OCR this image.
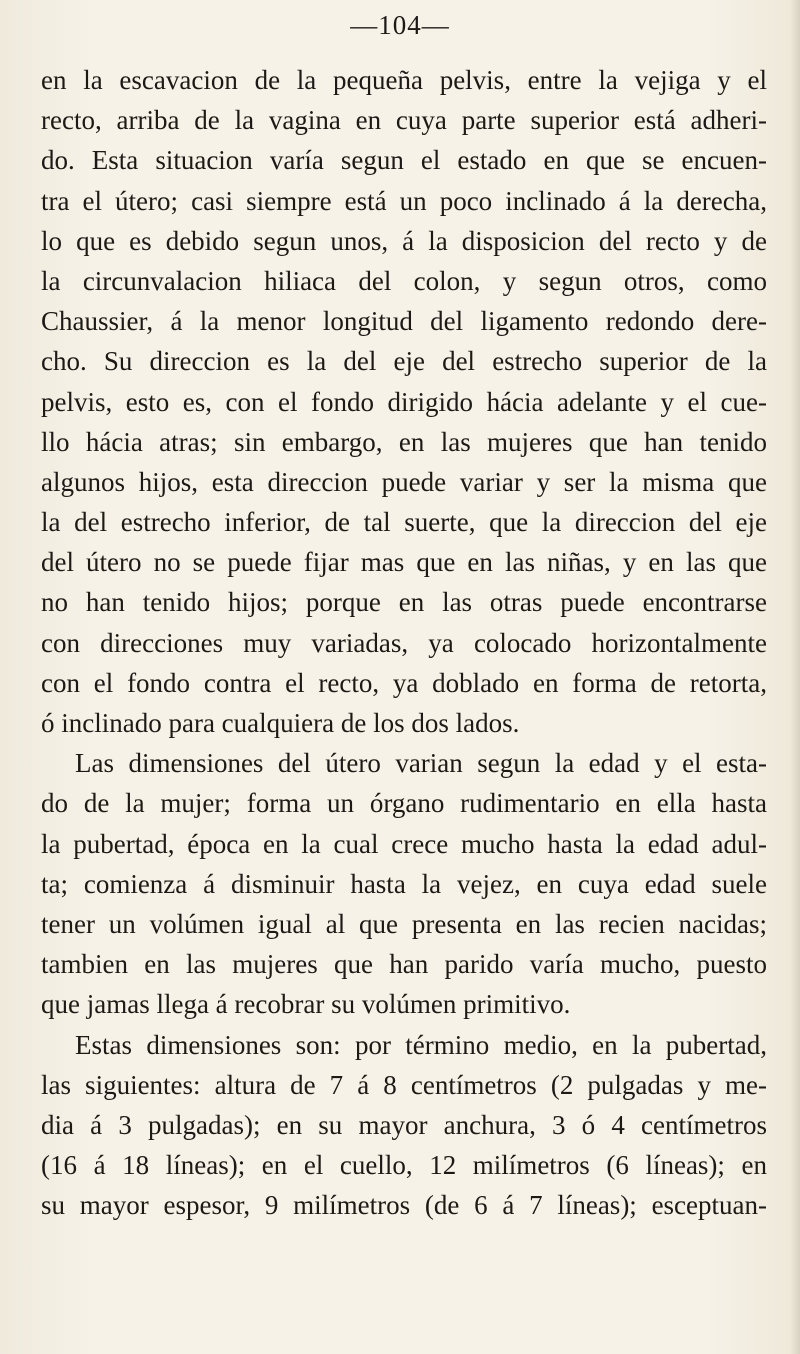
—104—
en la escavacion de la pequeña pelvis, entre la vejiga y el
recto, arriba de la vagina en cuya parte superior está adheri-
do. Esta situacion varía segun el estado en que se encuen-
tra el útero; casi siempre está un poco inclinado á la derecha,
lo que es debido segun unos, á la disposicion del recto y de
la circunvalacion hiliaca del colon, y segun otros, como
Chaussier, á la menor longitud del ligamento redondo dere-
cho. Su direccion es la del eje del estrecho superior de la
pelvis, esto es, con el fondo dirigido hácia adelante y el cue-
llo hácia atras; sin embargo, en las mujeres que han tenido
algunos hijos, esta direccion puede variar y ser la misma que
la del estrecho inferior, de tal suerte, que la direccion del eje
del útero no se puede fijar mas que en las niñas, y en las que
no han tenido hijos; porque en las otras puede encontrarse
con direcciones muy variadas, ya colocado horizontalmente
con el fondo contra el recto, ya doblado en forma de retorta,
ó inclinado para cualquiera de los dos lados.
Las dimensiones del útero varian segun la edad y el esta-
do de la mujer; forma un órgano rudimentario en ella hasta
la pubertad, época en la cual crece mucho hasta la edad adul-
ta; comienza á disminuir hasta la vejez, en cuya edad suele
tener un volúmen igual al que presenta en las recien nacidas;
tambien en las mujeres que han parido varía mucho, puesto
que jamas llega á recobrar su volúmen primitivo.
Estas dimensiones son: por término medio, en la pubertad,
las siguientes: altura de 7 á 8 centímetros (2 pulgadas y me-
dia á 3 pulgadas); en su mayor anchura, 3 ó 4 centímetros
(16 á 18 líneas); en el cuello, 12 milímetros (6 líneas); en
su mayor espesor, 9 milímetros (de 6 á 7 líneas); esceptuan-
